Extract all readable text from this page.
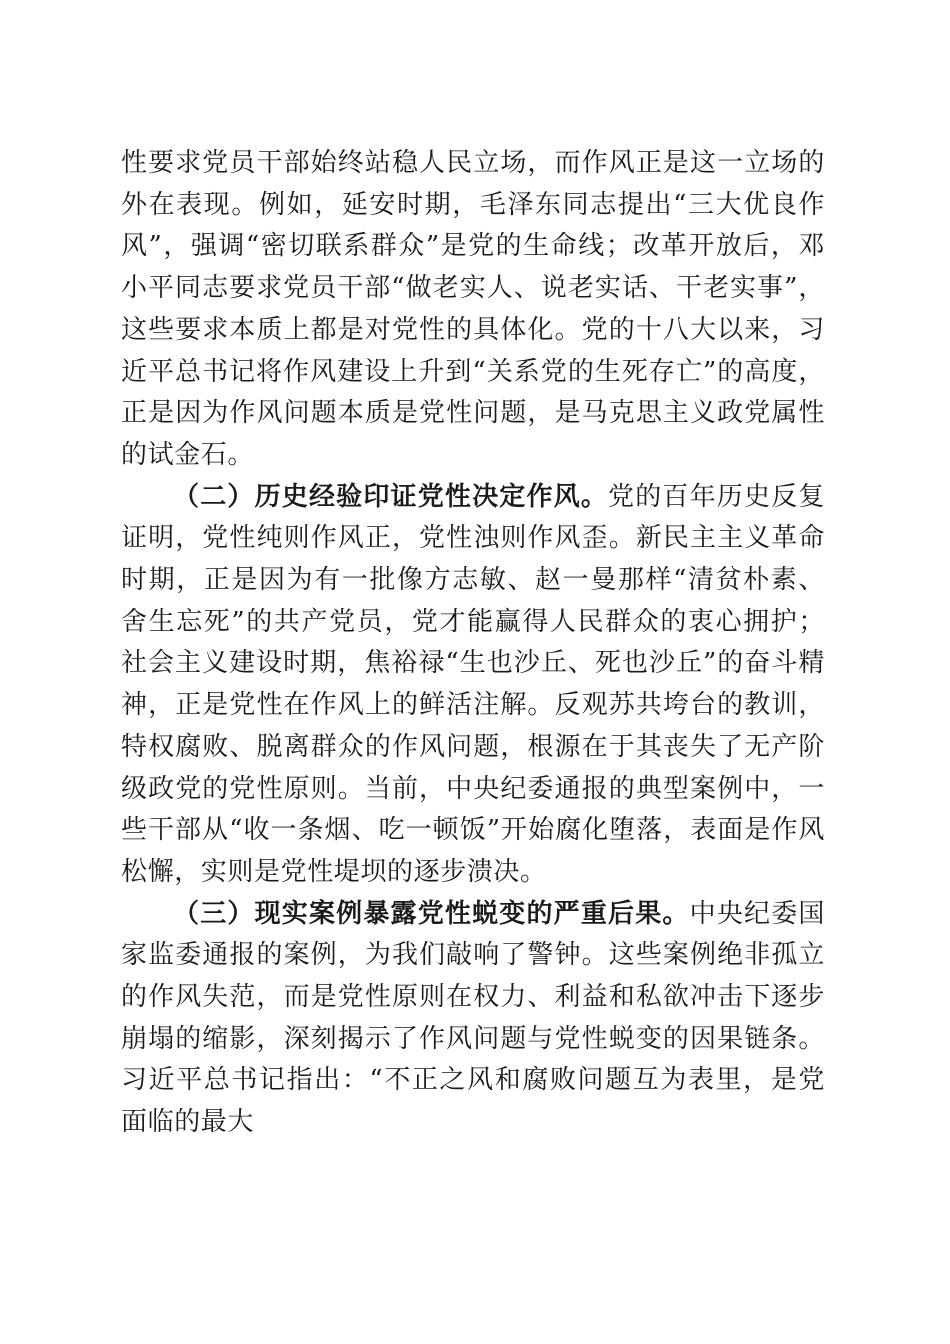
性要求党员干部始终站稳人民立场，而作风正是这一立场的外在表现。例如，延安时期，毛泽东同志提出“三大优良作风”，强调“密切联系群众”是党的生命线；改革开放后，邓小平同志要求党员干部“做老实人、说老实话、干老实事”，这些要求本质上都是对党性的具体化。党的十八大以来，习近平总书记将作风建设上升到“关系党的生死存亡”的高度，正是因为作风问题本质是党性问题，是马克思主义政党属性的试金石。

（二）历史经验印证党性决定作风。党的百年历史反复证明，党性纯则作风正，党性浊则作风歪。新民主主义革命时期，正是因为有一批像方志敏、赵一曼那样“清贫朴素、舍生忘死”的共产党员，党才能赢得人民群众的衷心拥护；社会主义建设时期，焦裕禄“生也沙丘、死也沙丘”的奋斗精神，正是党性在作风上的鲜活注解。反观苏共垮台的教训，特权腐败、脱离群众的作风问题，根源在于其丧失了无产阶级政党的党性原则。当前，中央纪委通报的典型案例中，一些干部从“收一条烟、吃一顿饭”开始腐化堕落，表面是作风松懈，实则是党性堤坝的逐步溃决。

（三）现实案例暴露党性蜕变的严重后果。中央纪委国家监委通报的案例，为我们敲响了警钟。这些案例绝非孤立的作风失范，而是党性原则在权力、利益和私欲冲击下逐步崩塌的缩影，深刻揭示了作风问题与党性蜕变的因果链条。习近平总书记指出：“不正之风和腐败问题互为表里，是党面临的最大
